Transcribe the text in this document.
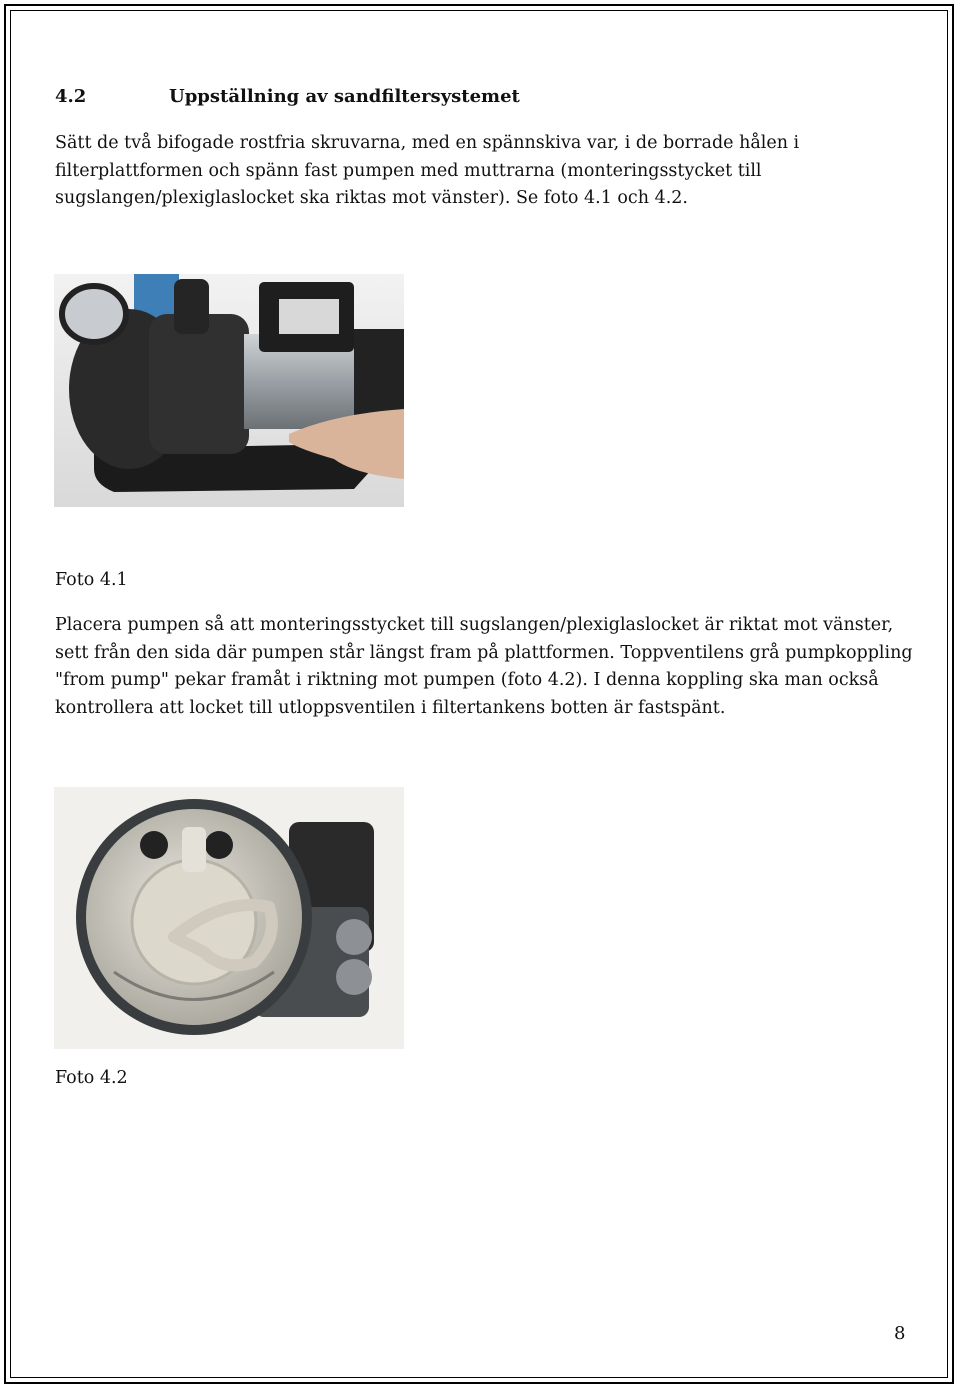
4.2	Uppställning av sandfiltersystemet

Sätt de två bifogade rostfria skruvarna, med en spännskiva var, i de borrade hålen i filterplattformen och spänn fast pumpen med muttrarna (monteringsstycket till sugslangen/plexiglaslocket ska riktas mot vänster). Se foto 4.1 och 4.2.

Foto 4.1

Placera pumpen så att monteringsstycket till sugslangen/plexiglaslocket är riktat mot vänster, sett från den sida där pumpen står längst fram på plattformen. Toppventilens grå pumpkoppling "from pump" pekar framåt i riktning mot pumpen (foto 4.2). I denna koppling ska man också kontrollera att locket till utloppsventilen i filtertankens botten är fastspänt.

Foto 4.2
8
